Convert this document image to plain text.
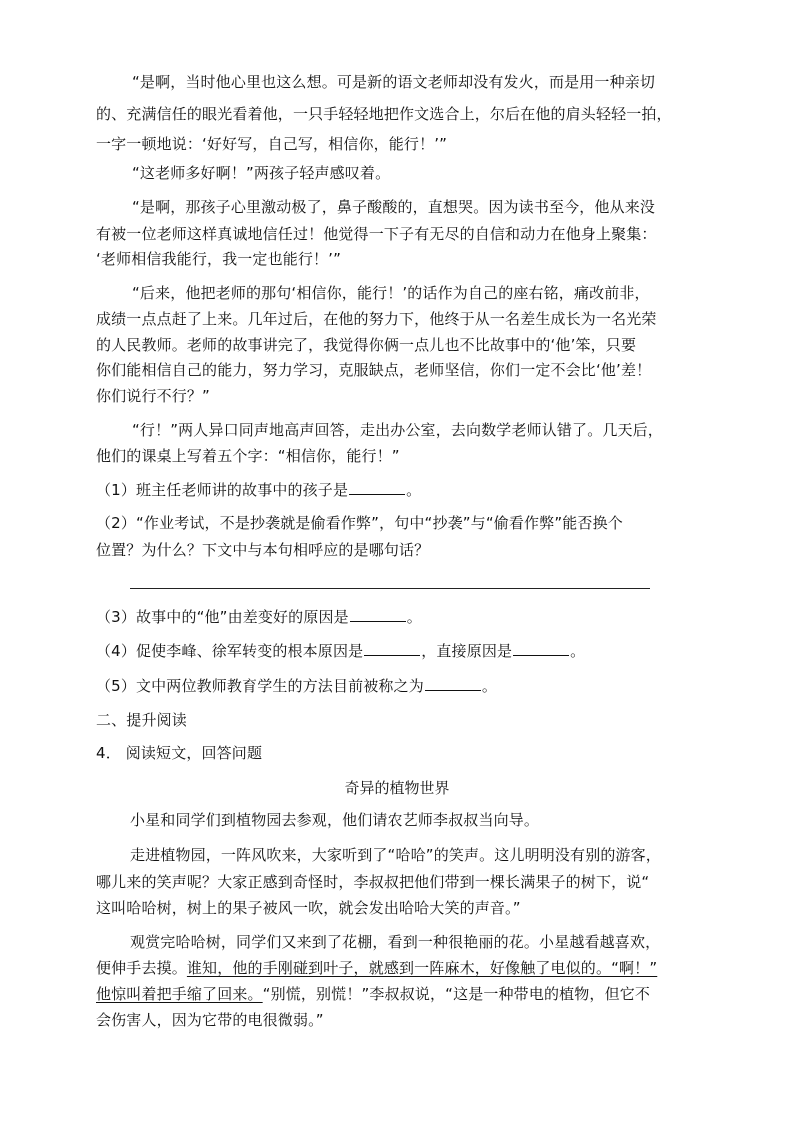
“是啊，当时他心里也这么想。可是新的语文老师却没有发火，而是用一种亲切
的、充满信任的眼光看着他，一只手轻轻地把作文选合上，尔后在他的肩头轻轻一拍，
一字一顿地说：‘好好写，自己写，相信你，能行！’”
“这老师多好啊！”两孩子轻声感叹着。
“是啊，那孩子心里激动极了，鼻子酸酸的，直想哭。因为读书至今，他从来没
有被一位老师这样真诚地信任过！他觉得一下子有无尽的自信和动力在他身上聚集：
‘老师相信我能行，我一定也能行！’”
“后来，他把老师的那句‘相信你，能行！’的话作为自己的座右铭，痛改前非，
成绩一点点赶了上来。几年过后，在他的努力下，他终于从一名差生成长为一名光荣
的人民教师。老师的故事讲完了，我觉得你俩一点儿也不比故事中的‘他’笨，只要
你们能相信自己的能力，努力学习，克服缺点，老师坚信，你们一定不会比‘他’差！
你们说行不行？”
“行！”两人异口同声地高声回答，走出办公室，去向数学老师认错了。几天后，
他们的课桌上写着五个字：“相信你，能行！”
（1）班主任老师讲的故事中的孩子是	。
（2）“作业考试，不是抄袭就是偷看作弊”，句中“抄袭”与“偷看作弊”能否换个
位置？为什么？下文中与本句相呼应的是哪句话？
（3）故事中的“他”由差变好的原因是	。
（4）促使李峰、徐军转变的根本原因是	，直接原因是	。
（5）文中两位教师教育学生的方法目前被称之为	。
二、提升阅读
4． 阅读短文，回答问题
奇异的植物世界
小星和同学们到植物园去参观，他们请农艺师李叔叔当向导。
走进植物园，一阵风吹来，大家听到了“哈哈”的笑声。这儿明明没有别的游客，
哪儿来的笑声呢？大家正感到奇怪时，李叔叔把他们带到一棵长满果子的树下，说“
这叫哈哈树，树上的果子被风一吹，就会发出哈哈大笑的声音。”
观赏完哈哈树，同学们又来到了花棚，看到一种很艳丽的花。小星越看越喜欢，
便伸手去摸。谁知，他的手刚碰到叶子，就感到一阵麻木，好像触了电似的。“啊！”
他惊叫着把手缩了回来。“别慌，别慌！”李叔叔说，“这是一种带电的植物，但它不
会伤害人，因为它带的电很微弱。”
